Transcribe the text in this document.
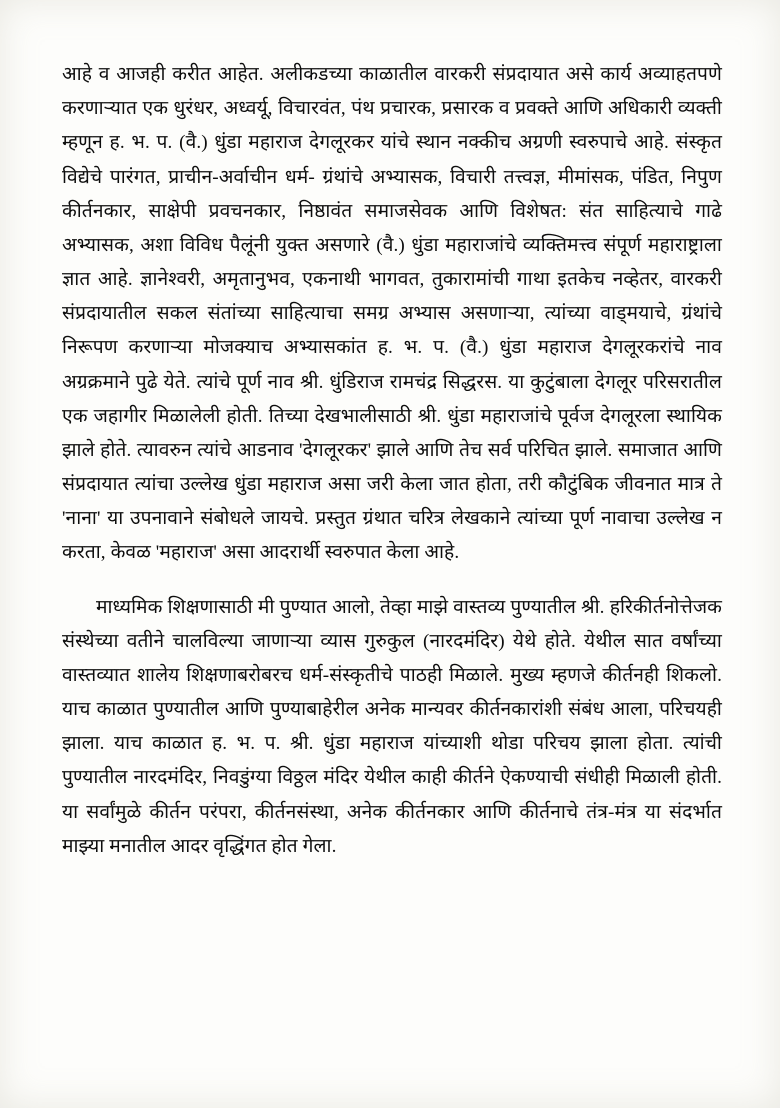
आहे व आजही करीत आहेत. अलीकडच्या काळातील वारकरी संप्रदायात असे कार्य अव्याहतपणे करणाऱ्यात एक धुरंधर, अध्वर्यू, विचारवंत, पंथ प्रचारक, प्रसारक व प्रवक्ते आणि अधिकारी व्यक्ती म्हणून ह. भ. प. (वै.) धुंडा महाराज देगलूरकर यांचे स्थान नक्कीच अग्रणी स्वरुपाचे आहे. संस्कृत विद्येचे पारंगत, प्राचीन-अर्वाचीन धर्म- ग्रंथांचे अभ्यासक, विचारी तत्त्वज्ञ, मीमांसक, पंडित, निपुण कीर्तनकार, साक्षेपी प्रवचनकार, निष्ठावंत समाजसेवक आणि विशेषत: संत साहित्याचे गाढे अभ्यासक, अशा विविध पैलूंनी युक्त असणारे (वै.) धुंडा महाराजांचे व्यक्तिमत्त्व संपूर्ण महाराष्ट्राला ज्ञात आहे. ज्ञानेश्वरी, अमृतानुभव, एकनाथी भागवत, तुकारामांची गाथा इतकेच नव्हेतर, वारकरी संप्रदायातील सकल संतांच्या साहित्याचा समग्र अभ्यास असणाऱ्या, त्यांच्या वाड्मयाचे, ग्रंथांचे निरूपण करणाऱ्या मोजक्याच अभ्यासकांत ह. भ. प. (वै.) धुंडा महाराज देगलूरकरांचे नाव अग्रक्रमाने पुढे येते. त्यांचे पूर्ण नाव श्री. धुंडिराज रामचंद्र सिद्धरस. या कुटुंबाला देगलूर परिसरातील एक जहागीर मिळालेली होती. तिच्या देखभालीसाठी श्री. धुंडा महाराजांचे पूर्वज देगलूरला स्थायिक झाले होते. त्यावरुन त्यांचे आडनाव 'देगलूरकर' झाले आणि तेच सर्व परिचित झाले. समाजात आणि संप्रदायात त्यांचा उल्लेख धुंडा महाराज असा जरी केला जात होता, तरी कौटुंबिक जीवनात मात्र ते 'नाना' या उपनावाने संबोधले जायचे. प्रस्तुत ग्रंथात चरित्र लेखकाने त्यांच्या पूर्ण नावाचा उल्लेख न करता, केवळ 'महाराज' असा आदरार्थी स्वरुपात केला आहे.

माध्यमिक शिक्षणासाठी मी पुण्यात आलो, तेव्हा माझे वास्तव्य पुण्यातील श्री. हरिकीर्तनोत्तेजक संस्थेच्या वतीने चालविल्या जाणाऱ्या व्यास गुरुकुल (नारदमंदिर) येथे होते. येथील सात वर्षांच्या वास्तव्यात शालेय शिक्षणाबरोबरच धर्म-संस्कृतीचे पाठही मिळाले. मुख्य म्हणजे कीर्तनही शिकलो. याच काळात पुण्यातील आणि पुण्याबाहेरील अनेक मान्यवर कीर्तनकारांशी संबंध आला, परिचयही झाला. याच काळात ह. भ. प. श्री. धुंडा महाराज यांच्याशी थोडा परिचय झाला होता. त्यांची पुण्यातील नारदमंदिर, निवडुंग्या विठ्ठल मंदिर येथील काही कीर्तने ऐकण्याची संधीही मिळाली होती. या सर्वांमुळे कीर्तन परंपरा, कीर्तनसंस्था, अनेक कीर्तनकार आणि कीर्तनाचे तंत्र-मंत्र या संदर्भात माझ्या मनातील आदर वृद्धिंगत होत गेला.
